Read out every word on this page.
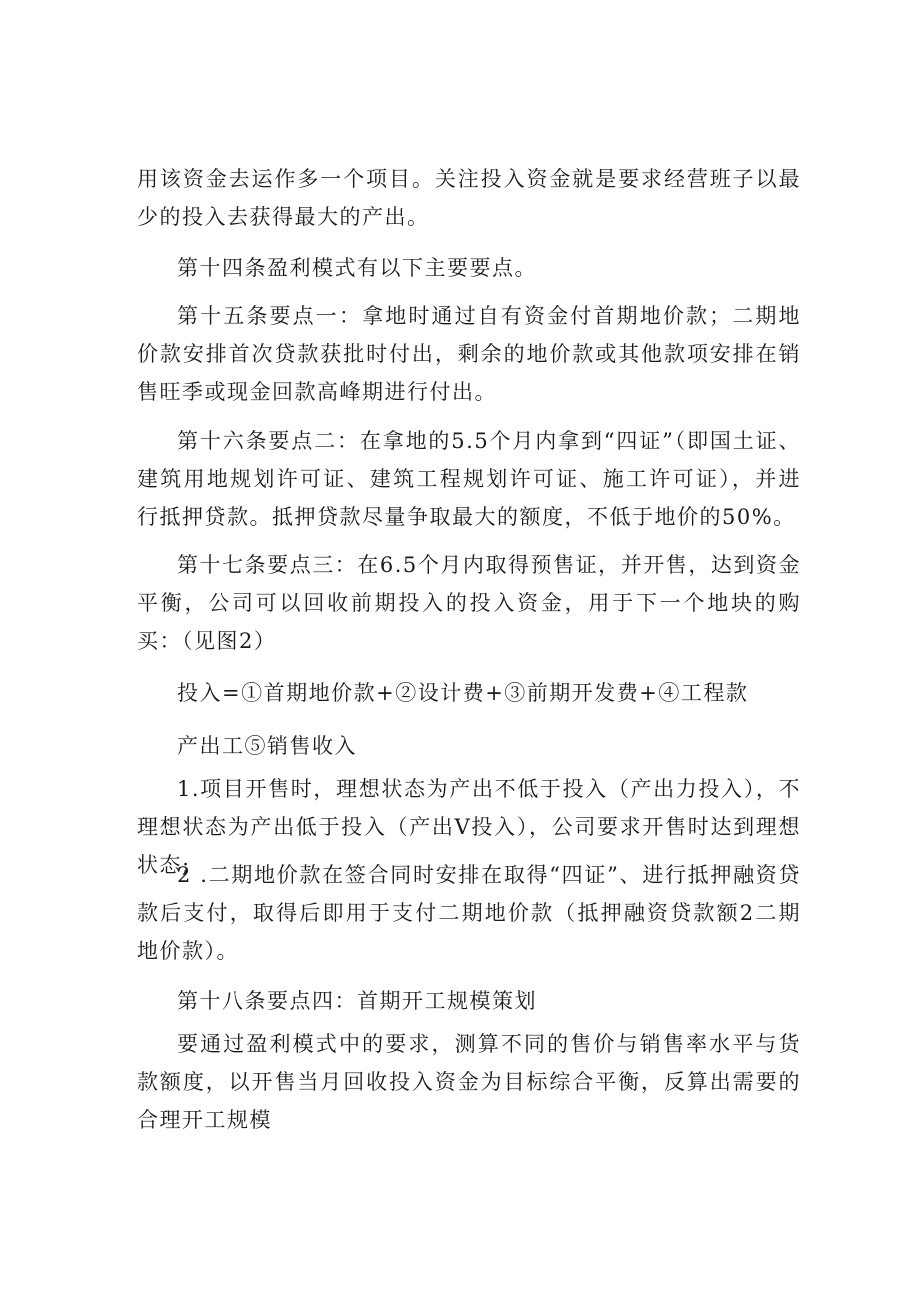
用该资金去运作多一个项目。关注投入资金就是要求经营班子以最少的投入去获得最大的产出。

第十四条盈利模式有以下主要要点。

第十五条要点一：拿地时通过自有资金付首期地价款；二期地价款安排首次贷款获批时付出，剩余的地价款或其他款项安排在销售旺季或现金回款高峰期进行付出。

第十六条要点二：在拿地的5.5个月内拿到“四证”（即国土证、建筑用地规划许可证、建筑工程规划许可证、施工许可证），并进行抵押贷款。抵押贷款尽量争取最大的额度，不低于地价的50%。

第十七条要点三：在6.5个月内取得预售证，并开售，达到资金平衡，公司可以回收前期投入的投入资金，用于下一个地块的购买：（见图2）

投入=①首期地价款+②设计费+③前期开发费+④工程款

产出工⑤销售收入

1.项目开售时，理想状态为产出不低于投入（产出力投入），不理想状态为产出低于投入（产出V投入），公司要求开售时达到理想状态;

2 .二期地价款在签合同时安排在取得“四证”、进行抵押融资贷款后支付，取得后即用于支付二期地价款（抵押融资贷款额2二期地价款）。

第十八条要点四：首期开工规模策划

要通过盈利模式中的要求，测算不同的售价与销售率水平与货款额度，以开售当月回收投入资金为目标综合平衡，反算出需要的合理开工规模
